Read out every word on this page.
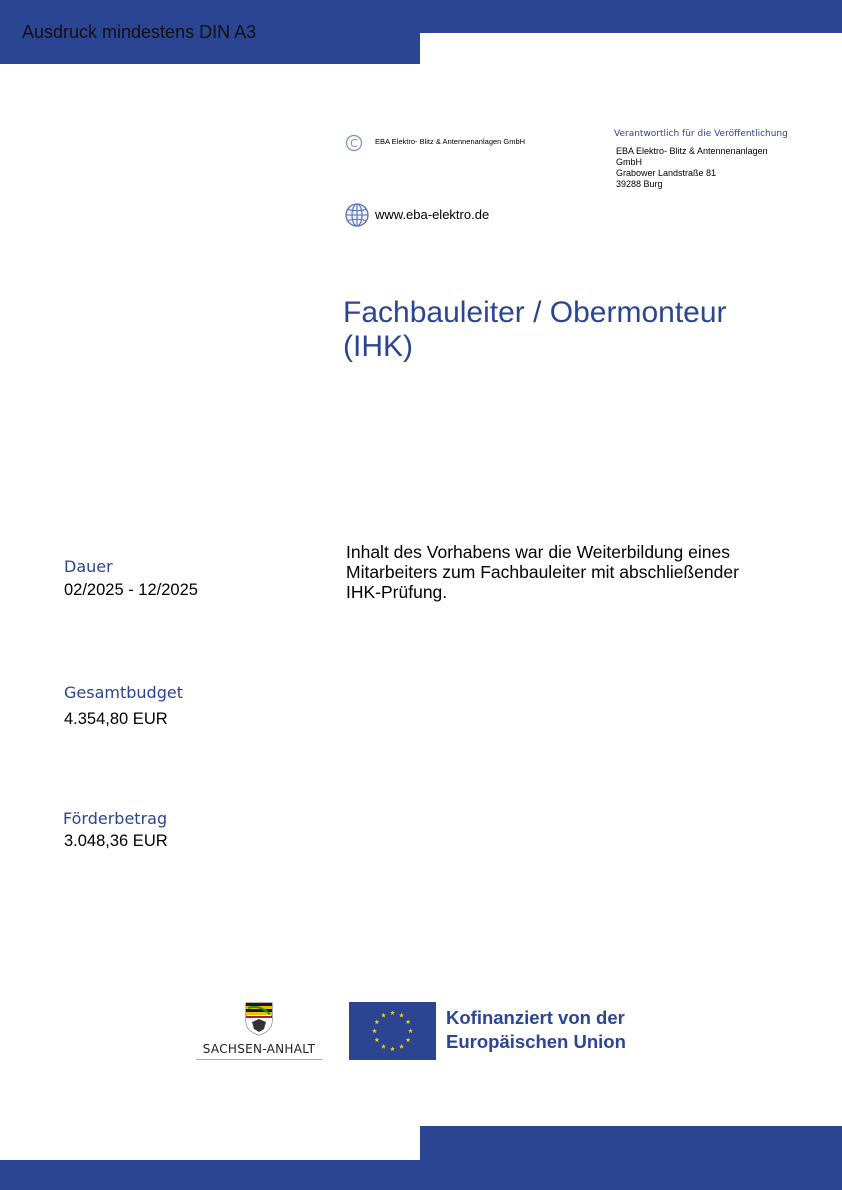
Ausdruck mindestens DIN A3
C EBA Elektro- Blitz & Antennenanlagen GmbH
Verantwortlich für die Veröffentlichung
EBA Elektro- Blitz & Antennenanlagen
GmbH
Grabower Landstraße 81
39288 Burg
www.eba-elektro.de
Fachbauleiter / Obermonteur
(IHK)
Inhalt des Vorhabens war die Weiterbildung eines
Mitarbeiters zum Fachbauleiter mit abschließender
IHK-Prüfung.
Dauer
02/2025 - 12/2025
Gesamtbudget
4.354,80 EUR
Förderbetrag
3.048,36 EUR
SACHSEN-ANHALT
Kofinanziert von der
Europäischen Union
